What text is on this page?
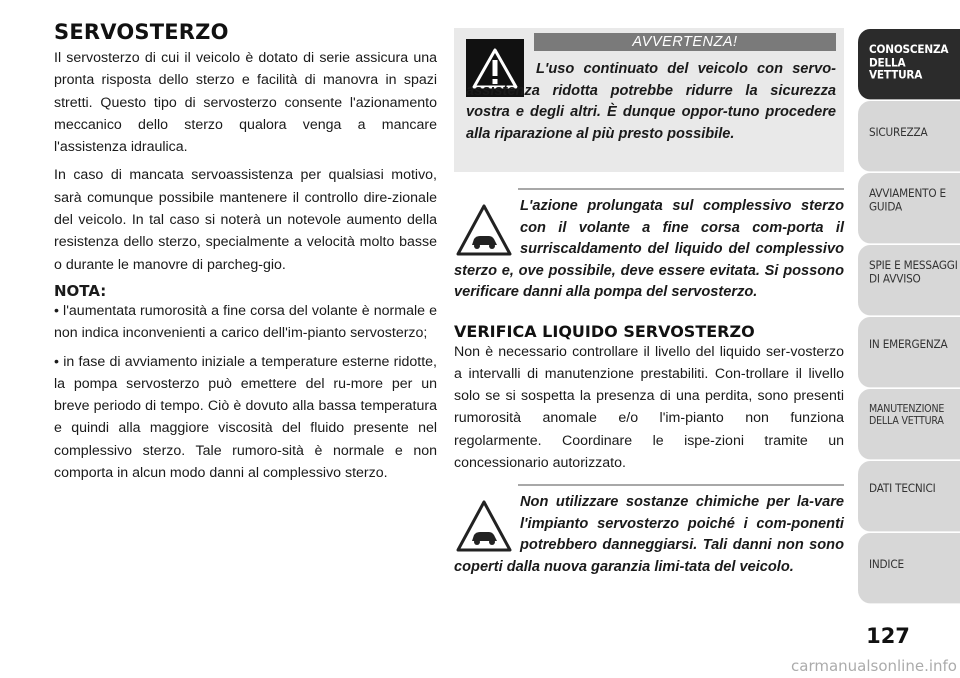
SERVOSTERZO

Il servosterzo di cui il veicolo è dotato di serie assicura una pronta risposta dello sterzo e facilità di manovra in spazi stretti. Questo tipo di servosterzo consente l'azionamento meccanico dello sterzo qualora venga a mancare l'assistenza idraulica.

In caso di mancata servoassistenza per qualsiasi motivo, sarà comunque possibile mantenere il controllo dire-zionale del veicolo. In tal caso si noterà un notevole aumento della resistenza dello sterzo, specialmente a velocità molto basse o durante le manovre di parcheg-gio.

NOTA:

• l'aumentata rumorosità a fine corsa del volante è normale e non indica inconvenienti a carico dell'im-pianto servosterzo;

• in fase di avviamento iniziale a temperature esterne ridotte, la pompa servosterzo può emettere del ru-more per un breve periodo di tempo. Ciò è dovuto alla bassa temperatura e quindi alla maggiore viscosità del fluido presente nel complessivo sterzo. Tale rumoro-sità è normale e non comporta in alcun modo danni al complessivo sterzo.

AVVERTENZA!

L'uso continuato del veicolo con servo-assistenza ridotta potrebbe ridurre la sicurezza vostra e degli altri. È dunque oppor-tuno procedere alla riparazione al più presto possibile.

L'azione prolungata sul complessivo sterzo con il volante a fine corsa com-porta il surriscaldamento del liquido del complessivo sterzo e, ove possibile, deve essere evitata. Si possono verificare danni alla pompa del servosterzo.

VERIFICA LIQUIDO SERVOSTERZO

Non è necessario controllare il livello del liquido ser-vosterzo a intervalli di manutenzione prestabiliti. Con-trollare il livello solo se si sospetta la presenza di una perdita, sono presenti rumorosità anomale e/o l'im-pianto non funziona regolarmente. Coordinare le ispe-zioni tramite un concessionario autorizzato.

Non utilizzare sostanze chimiche per la-vare l'impianto servosterzo poiché i com-ponenti potrebbero danneggiarsi. Tali danni non sono coperti dalla nuova garanzia limi-tata del veicolo.

CONOSCENZA DELLA VETTURA
SICUREZZA
AVVIAMENTO E GUIDA
SPIE E MESSAGGI DI AVVISO
IN EMERGENZA
MANUTENZIONE DELLA VETTURA
DATI TECNICI
INDICE
127
carmanualsonline.info
